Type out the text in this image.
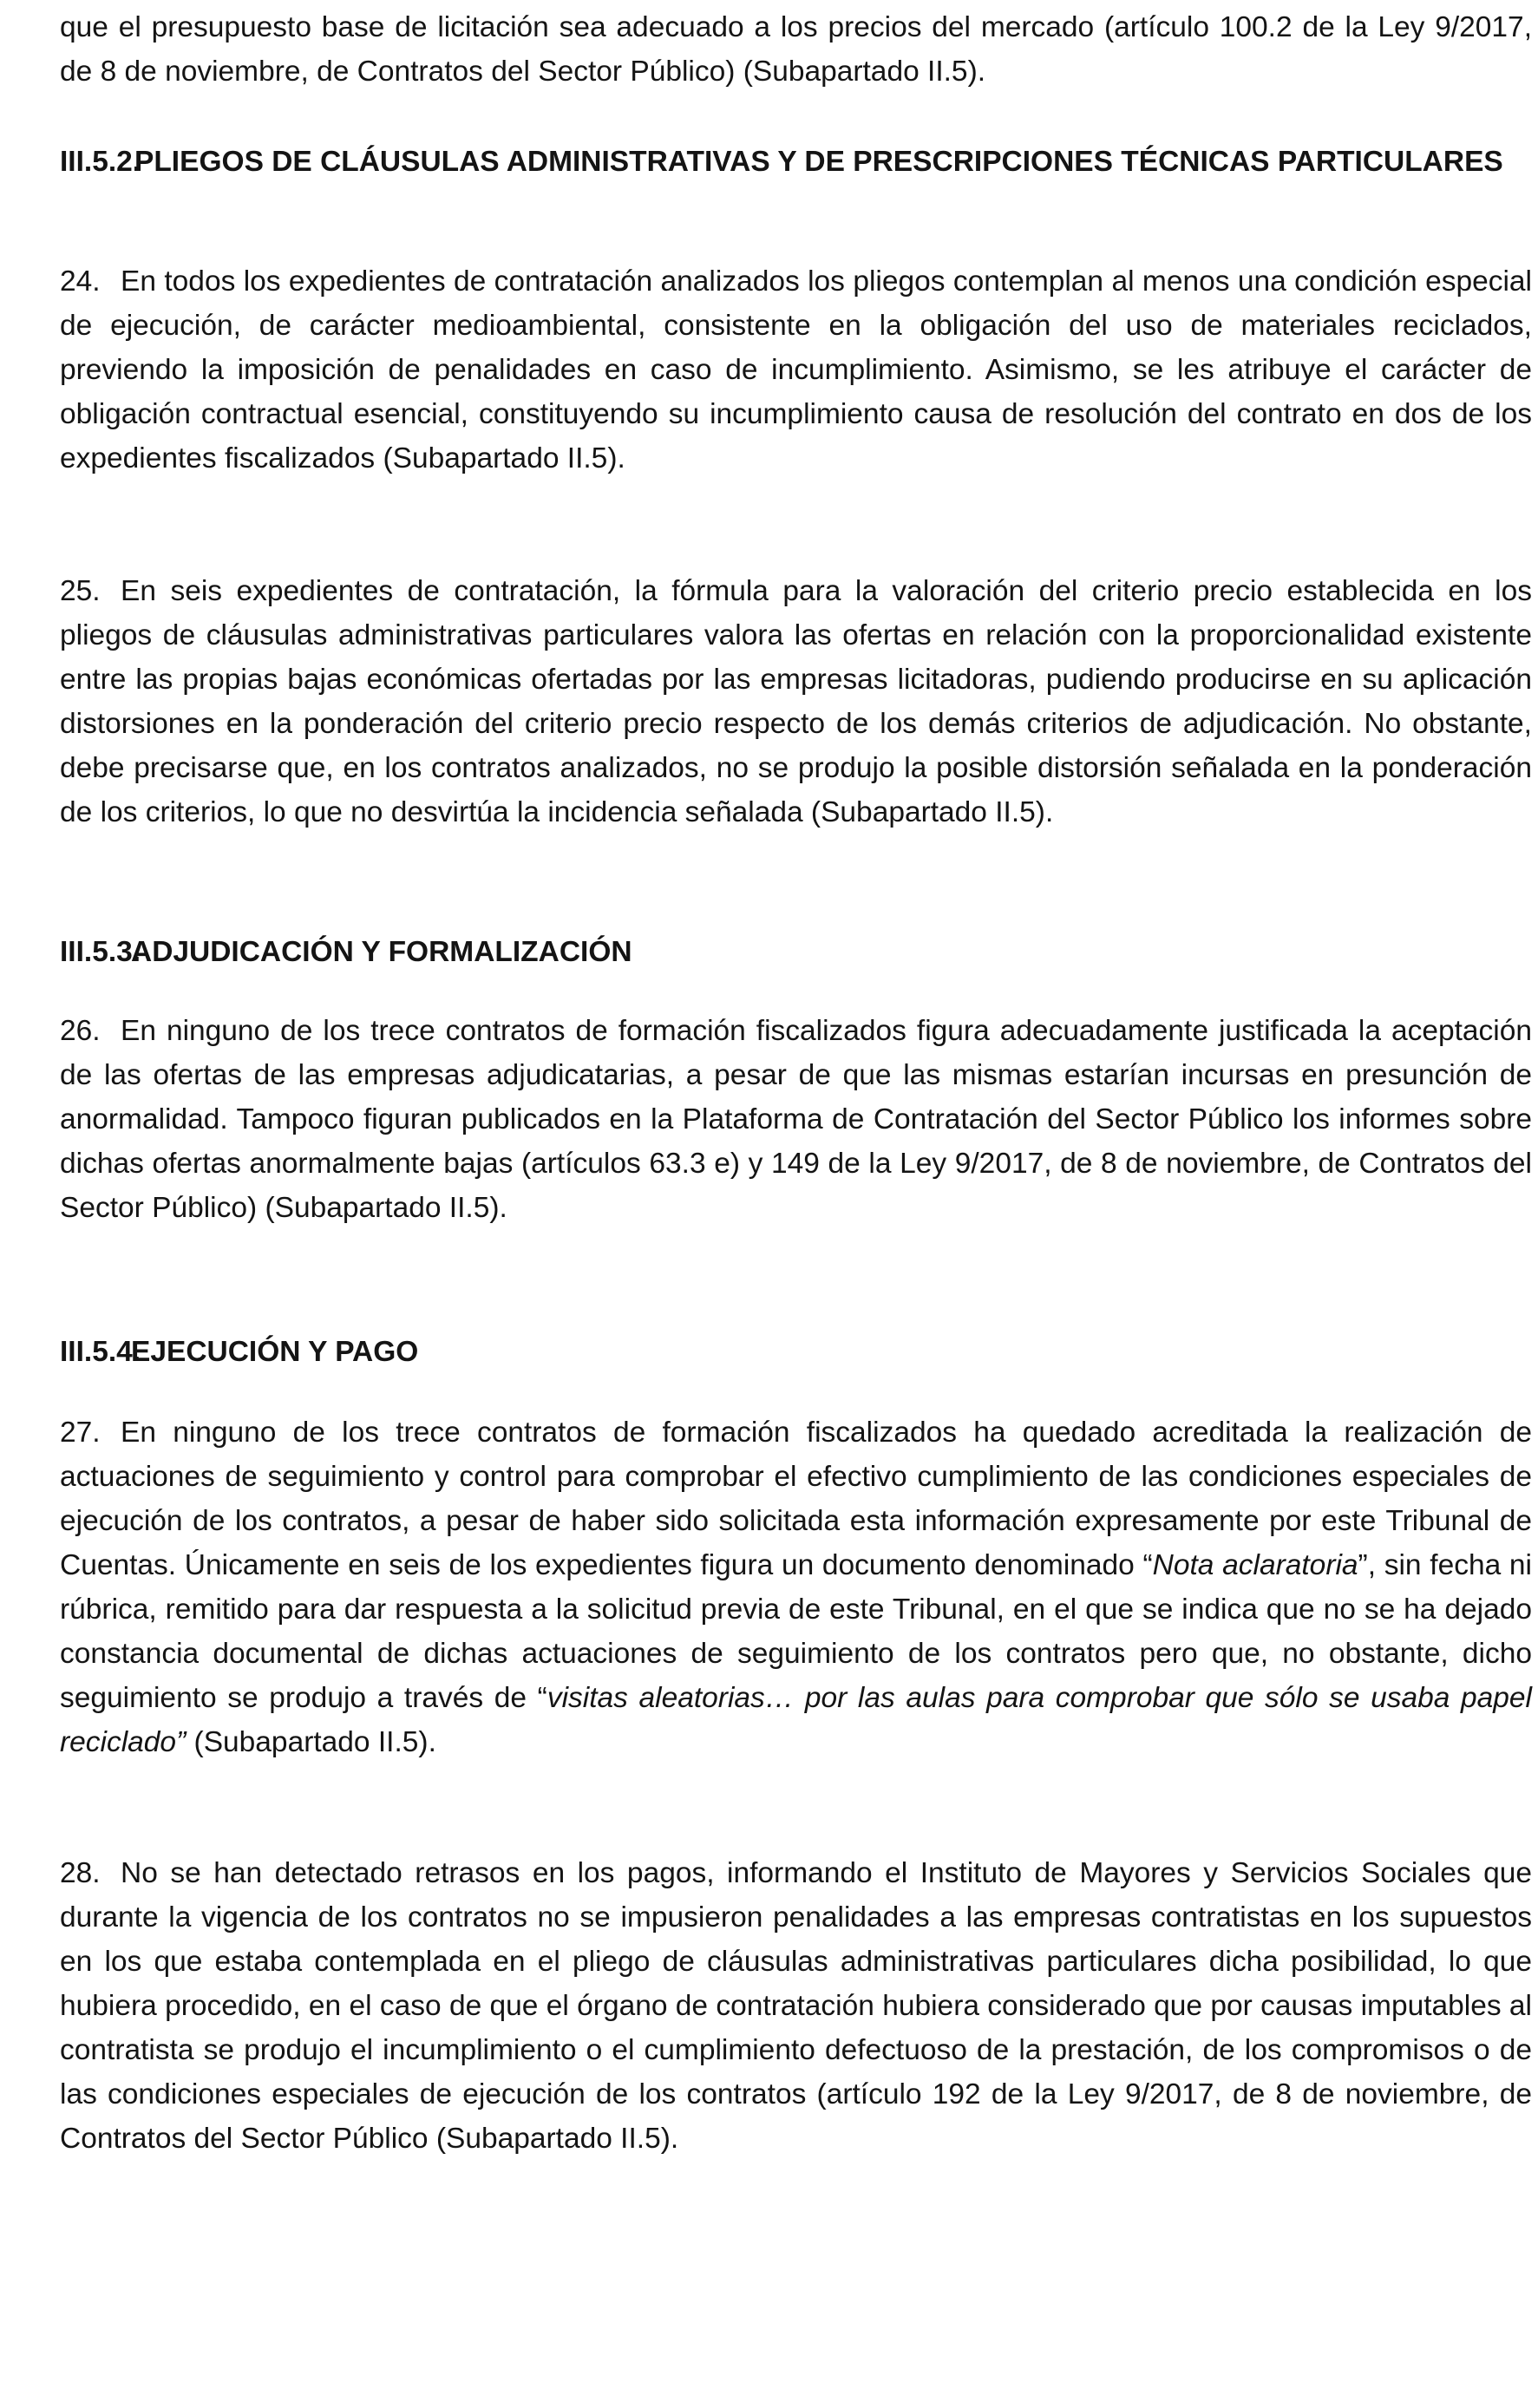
que el presupuesto base de licitación sea adecuado a los precios del mercado (artículo 100.2 de la Ley 9/2017, de 8 de noviembre, de Contratos del Sector Público) (Subapartado II.5).

III.5.2.
PLIEGOS DE CLÁUSULAS ADMINISTRATIVAS Y DE PRESCRIPCIONES TÉCNICAS PARTICULARES
24. En todos los expedientes de contratación analizados los pliegos contemplan al menos una condición especial de ejecución, de carácter medioambiental, consistente en la obligación del uso de materiales reciclados, previendo la imposición de penalidades en caso de incumplimiento. Asimismo, se les atribuye el carácter de obligación contractual esencial, constituyendo su incumplimiento causa de resolución del contrato en dos de los expedientes fiscalizados (Subapartado II.5).
25. En seis expedientes de contratación, la fórmula para la valoración del criterio precio establecida en los pliegos de cláusulas administrativas particulares valora las ofertas en relación con la proporcionalidad existente entre las propias bajas económicas ofertadas por las empresas licitadoras, pudiendo producirse en su aplicación distorsiones en la ponderación del criterio precio respecto de los demás criterios de adjudicación. No obstante, debe precisarse que, en los contratos analizados, no se produjo la posible distorsión señalada en la ponderación de los criterios, lo que no desvirtúa la incidencia señalada (Subapartado II.5).
III.5.3.
ADJUDICACIÓN Y FORMALIZACIÓN
26. En ninguno de los trece contratos de formación fiscalizados figura adecuadamente justificada la aceptación de las ofertas de las empresas adjudicatarias, a pesar de que las mismas estarían incursas en presunción de anormalidad. Tampoco figuran publicados en la Plataforma de Contratación del Sector Público los informes sobre dichas ofertas anormalmente bajas (artículos 63.3 e) y 149 de la Ley 9/2017, de 8 de noviembre, de Contratos del Sector Público) (Subapartado II.5).
III.5.4.
EJECUCIÓN Y PAGO
27. En ninguno de los trece contratos de formación fiscalizados ha quedado acreditada la realización de actuaciones de seguimiento y control para comprobar el efectivo cumplimiento de las condiciones especiales de ejecución de los contratos, a pesar de haber sido solicitada esta información expresamente por este Tribunal de Cuentas. Únicamente en seis de los expedientes figura un documento denominado “Nota aclaratoria”, sin fecha ni rúbrica, remitido para dar respuesta a la solicitud previa de este Tribunal, en el que se indica que no se ha dejado constancia documental de dichas actuaciones de seguimiento de los contratos pero que, no obstante, dicho seguimiento se produjo a través de “visitas aleatorias… por las aulas para comprobar que sólo se usaba papel reciclado” (Subapartado II.5).
28. No se han detectado retrasos en los pagos, informando el Instituto de Mayores y Servicios Sociales que durante la vigencia de los contratos no se impusieron penalidades a las empresas contratistas en los supuestos en los que estaba contemplada en el pliego de cláusulas administrativas particulares dicha posibilidad, lo que hubiera procedido, en el caso de que el órgano de contratación hubiera considerado que por causas imputables al contratista se produjo el incumplimiento o el cumplimiento defectuoso de la prestación, de los compromisos o de las condiciones especiales de ejecución de los contratos (artículo 192 de la Ley 9/2017, de 8 de noviembre, de Contratos del Sector Público (Subapartado II.5).
